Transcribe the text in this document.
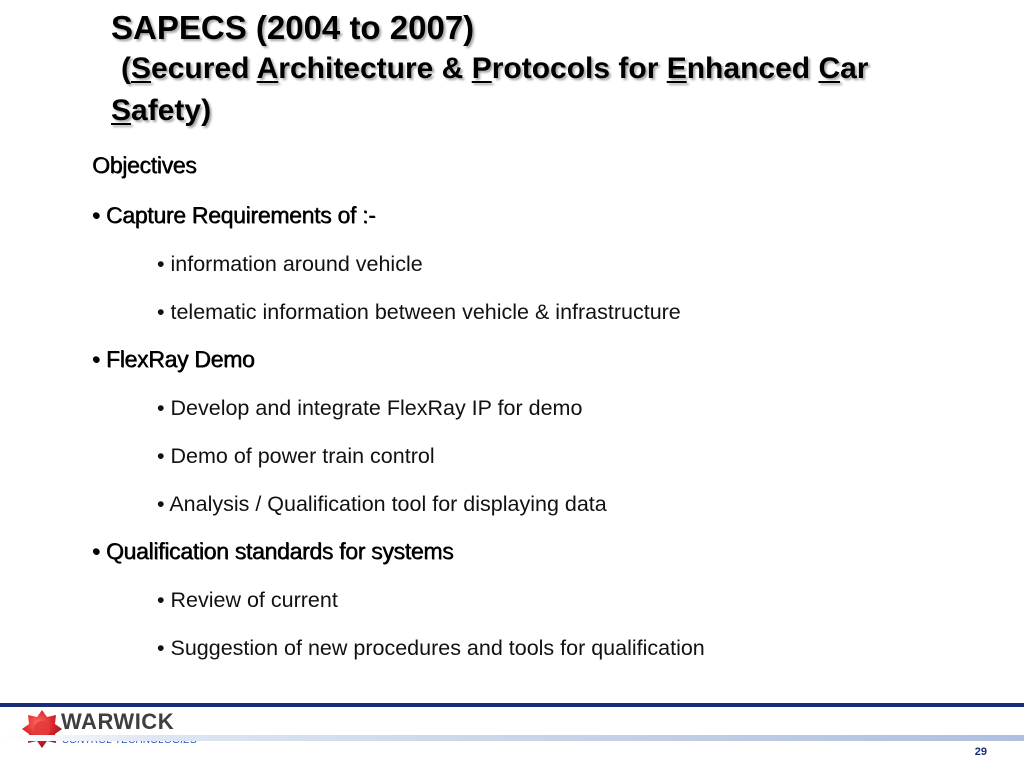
SAPECS (2004 to 2007)
(Secured Architecture & Protocols for Enhanced Car
Safety)
Objectives
• Capture Requirements of :-
• information around vehicle
• telematic information between vehicle & infrastructure
• FlexRay Demo
• Develop and integrate FlexRay IP for demo
• Demo of power train control
• Analysis / Qualification tool for displaying data
• Qualification standards for systems
• Review of current
• Suggestion of new procedures and tools for qualification
WARWICK
29
